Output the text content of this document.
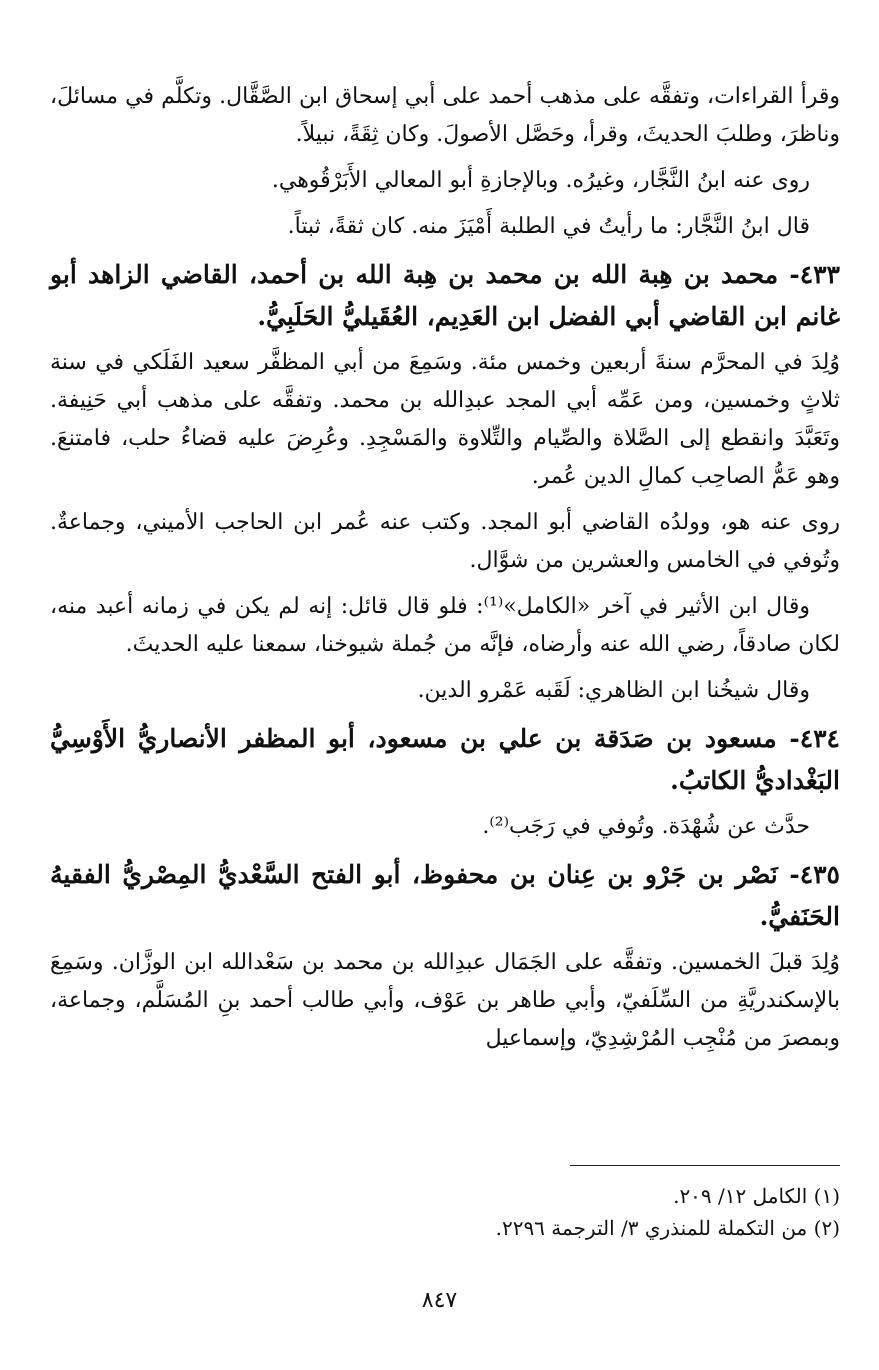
وقرأ القراءات، وتفقَّه على مذهب أحمد على أبي إسحاق ابن الصَّقَّال. وتكلَّم في مسائلَ، وناظرَ، وطلبَ الحديثَ، وقرأ، وحَصَّل الأصولَ. وكان ثِقَةً، نبيلاً.

روى عنه ابنُ النَّجَّار، وغيرُه. وبالإجازةِ أبو المعالي الأَبَرْقُوهي.

قال ابنُ النَّجَّار: ما رأيتُ في الطلبة أَمْيَزَ منه. كان ثقةً، ثبتاً.

٤٣٣- محمد بن هِبة الله بن محمد بن هِبة الله بن أحمد، القاضي الزاهد أبو غانم ابن القاضي أبي الفضل ابن العَدِيم، العُقَيليُّ الحَلَبِيُّ.

وُلِدَ في المحرَّم سنةَ أربعين وخمس مئة. وسَمِعَ من أبي المظفَّر سعيد الفَلَكي في سنة ثلاثٍ وخمسين، ومن عَمِّه أبي المجد عبدِالله بن محمد. وتفقَّه على مذهب أبي حَنِيفة. وتَعَبَّدَ وانقطع إلى الصَّلاة والصِّيام والتِّلاوة والمَسْجِدِ. وعُرِضَ عليه قضاءُ حلب، فامتنعَ. وهو عَمُّ الصاحِب كمالِ الدين عُمر.

روى عنه هو، وولدُه القاضي أبو المجد. وكتب عنه عُمر ابن الحاجب الأميني، وجماعةٌ. وتُوفي في الخامس والعشرين من شوَّال.

وقال ابن الأثير في آخر «الكامل»⁽¹⁾: فلو قال قائل: إنه لم يكن في زمانه أعبد منه، لكان صادقاً، رضي الله عنه وأرضاه، فإنَّه من جُملة شيوخنا، سمعنا عليه الحديثَ.

وقال شيخُنا ابن الظاهري: لَقَبه عَمْرو الدين.

٤٣٤- مسعود بن صَدَقة بن علي بن مسعود، أبو المظفر الأنصاريُّ الأَوْسِيُّ البَغْداديُّ الكاتبُ.

حدَّث عن شُهْدَة. وتُوفي في رَجَب⁽²⁾.

٤٣٥- نَصْر بن جَرْو بن عِنان بن محفوظ، أبو الفتح السَّعْديُّ المِصْريُّ الفقيهُ الحَنَفيُّ.

وُلِدَ قبلَ الخمسين. وتفقَّه على الجَمَال عبدِالله بن محمد بن سَعْدالله ابن الوزَّان. وسَمِعَ بالإسكندريَّةِ من السِّلَفيّ، وأبي طاهر بن عَوْف، وأبي طالب أحمد بنِ المُسَلَّم، وجماعة، وبمصرَ من مُنْجِب المُرْشِدِيّ، وإسماعيل

(١) الكامل ١٢/ ٢٠٩.

(٢) من التكملة للمنذري ٣/ الترجمة ٢٢٩٦.

٨٤٧
